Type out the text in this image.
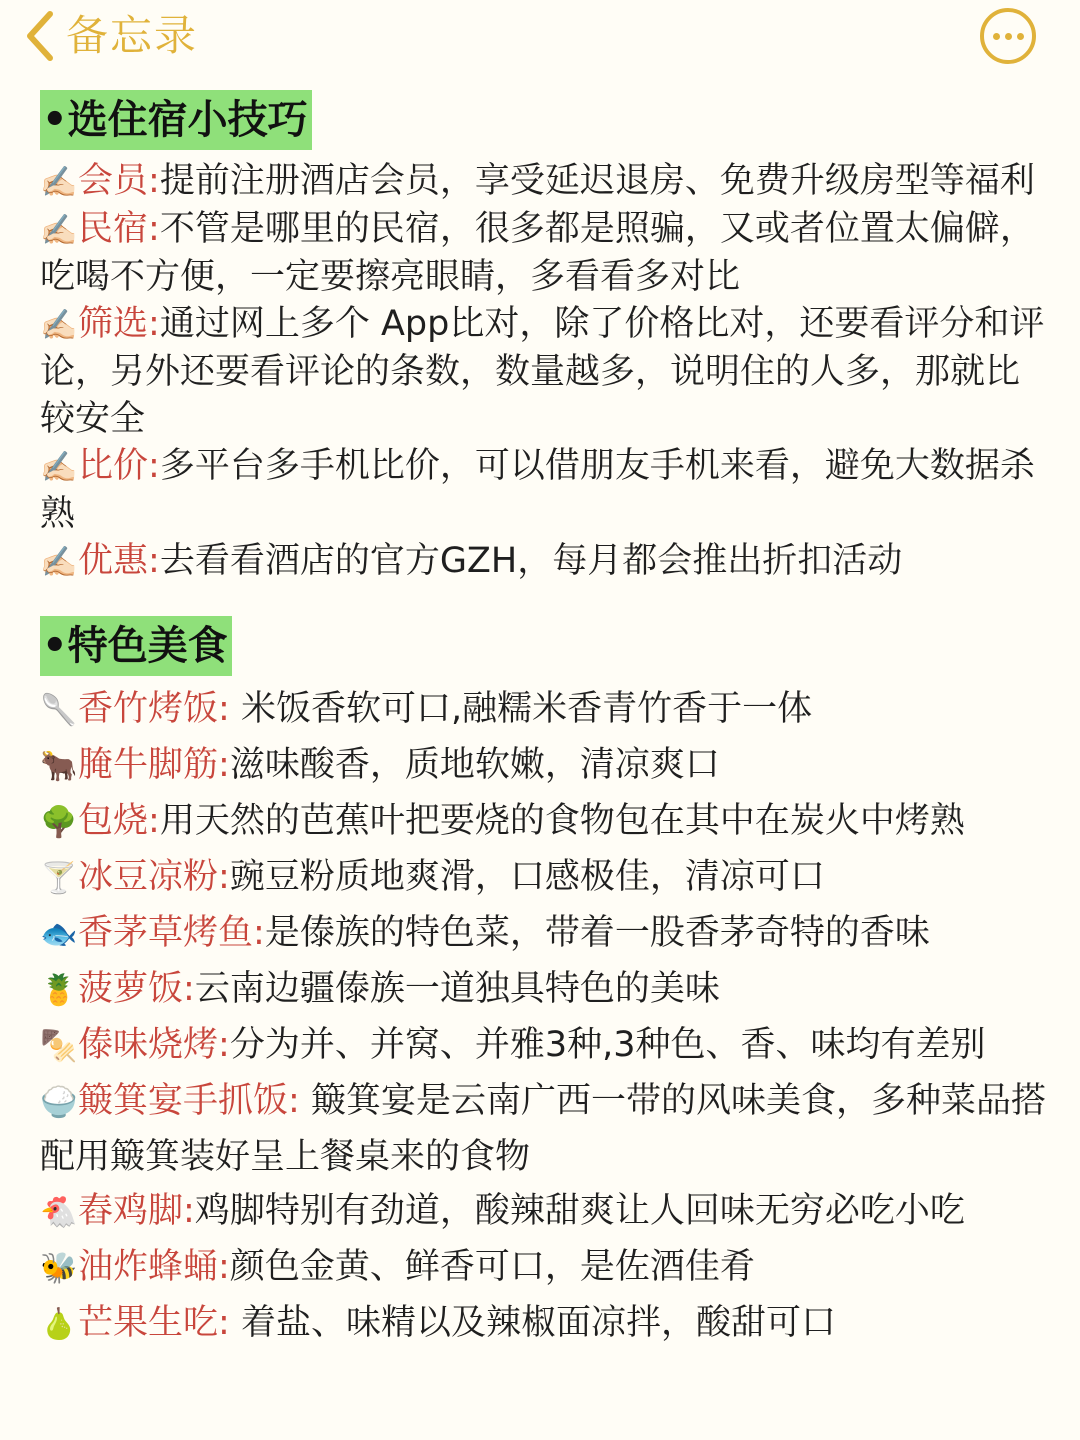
备忘录
•选住宿小技巧

✍🏻会员:提前注册酒店会员，享受延迟退房、免费升级房型等福利

✍🏻民宿:不管是哪里的民宿，很多都是照骗，又或者位置太偏僻，吃喝不方便，一定要擦亮眼睛，多看看多对比

✍🏻筛选:通过网上多个 App比对，除了价格比对，还要看评分和评论，另外还要看评论的条数，数量越多，说明住的人多，那就比较安全

✍🏻比价:多平台多手机比价，可以借朋友手机来看，避免大数据杀熟

✍🏻优惠:去看看酒店的官方GZH，每月都会推出折扣活动

•特色美食

🥄香竹烤饭: 米饭香软可口,融糯米香青竹香于一体

🐂腌牛脚筋:滋味酸香，质地软嫩，清凉爽口

🌳包烧:用天然的芭蕉叶把要烧的食物包在其中在炭火中烤熟

🍸冰豆凉粉:豌豆粉质地爽滑，口感极佳，清凉可口

🐟香茅草烤鱼:是傣族的特色菜，带着一股香茅奇特的香味

🍍菠萝饭:云南边疆傣族一道独具特色的美味

🍢傣味烧烤:分为并、并窝、并雅3种,3种色、香、味均有差别

🍚簸箕宴手抓饭: 簸箕宴是云南广西一带的风味美食，多种菜品搭配用簸箕装好呈上餐桌来的食物

🐔舂鸡脚:鸡脚特别有劲道，酸辣甜爽让人回味无穷必吃小吃

🐝油炸蜂蛹:颜色金黄、鲜香可口，是佐酒佳肴

🍐芒果生吃: 着盐、味精以及辣椒面凉拌，酸甜可口
